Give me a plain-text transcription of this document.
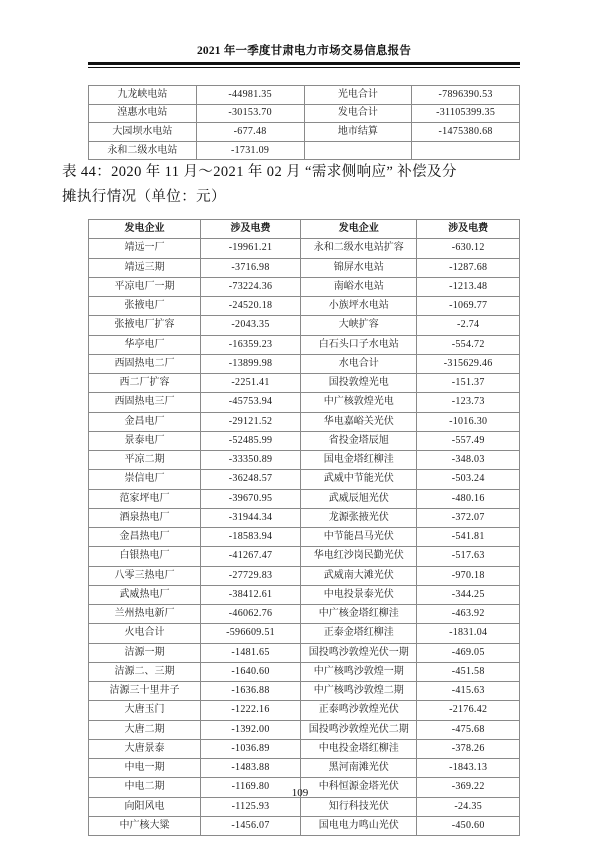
2021 年一季度甘肃电力市场交易信息报告
九龙峡电站	-44981.35	光电合计	-7896390.53
湟惠水电站	-30153.70	发电合计	-31105399.35
大园坝水电站	-677.48	地市结算	-1475380.68
永和二级水电站	-1731.09		
表 44：2020 年 11 月～2021 年 02 月 “需求侧响应” 补偿及分
摊执行情况（单位：元）
发电企业	涉及电费	发电企业	涉及电费
靖远一厂	-19961.21	永和二级水电站扩容	-630.12
靖远三期	-3716.98	锦屏水电站	-1287.68
平凉电厂一期	-73224.36	南峪水电站	-1213.48
张掖电厂	-24520.18	小族坪水电站	-1069.77
张掖电厂扩容	-2043.35	大峡扩容	-2.74
华亭电厂	-16359.23	白石头口子水电站	-554.72
西固热电二厂	-13899.98	水电合计	-315629.46
西二厂扩容	-2251.41	国投敦煌光电	-151.37
西固热电三厂	-45753.94	中广核敦煌光电	-123.73
金昌电厂	-29121.52	华电嘉峪关光伏	-1016.30
景泰电厂	-52485.99	省投金塔辰旭	-557.49
平凉二期	-33350.89	国电金塔红柳洼	-348.03
崇信电厂	-36248.57	武威中节能光伏	-503.24
范家坪电厂	-39670.95	武威辰旭光伏	-480.16
酒泉热电厂	-31944.34	龙源张掖光伏	-372.07
金昌热电厂	-18583.94	中节能昌马光伏	-541.81
白银热电厂	-41267.47	华电红沙岗民勤光伏	-517.63
八零三热电厂	-27729.83	武威南大滩光伏	-970.18
武威热电厂	-38412.61	中电投景泰光伏	-344.25
兰州热电新厂	-46062.76	中广核金塔红柳洼	-463.92
火电合计	-596609.51	正泰金塔红柳洼	-1831.04
洁源一期	-1481.65	国投鸣沙敦煌光伏一期	-469.05
洁源二、三期	-1640.60	中广核鸣沙敦煌一期	-451.58
洁源三十里井子	-1636.88	中广核鸣沙敦煌二期	-415.63
大唐玉门	-1222.16	正泰鸣沙敦煌光伏	-2176.42
大唐二期	-1392.00	国投鸣沙敦煌光伏二期	-475.68
大唐景泰	-1036.89	中电投金塔红柳洼	-378.26
中电一期	-1483.88	黑河南滩光伏	-1843.13
中电二期	-1169.80	中科恒源金塔光伏	-369.22
向阳风电	-1125.93	知行科技光伏	-24.35
中广核大粱	-1456.07	国电电力鸣山光伏	-450.60
109
